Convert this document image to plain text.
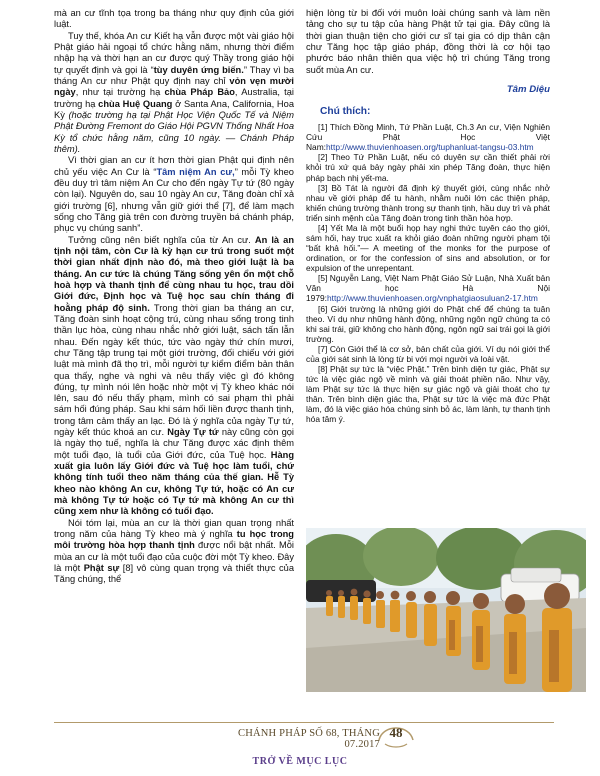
mà an cư tĩnh tọa trong ba tháng như quy định của giới luật.

Tuy thế, khóa An cư Kiết hạ vẫn được một vài giáo hội Phật giáo hải ngoại tổ chức hằng năm, nhưng thời điểm nhập hạ và thời hạn an cư được quý Thầy trong giáo hội tự quyết định và gọi là “tùy duyên ứng biến.” Thay vì ba tháng An cư như Phật quy định nay chỉ vỏn vẹn mười ngày, như tại trường hạ chùa Pháp Bảo, Australia, tại trường hạ chùa Huệ Quang ở Santa Ana, California, Hoa Kỳ (hoặc trường hạ tại Phật Học Viện Quốc Tế và Niệm Phật Đường Fremont do Giáo Hội PGVN Thống Nhất Hoa Kỳ tổ chức hằng năm, cũng 10 ngày. — Chánh Pháp thêm).

Vì thời gian an cư ít hơn thời gian Phật qui định nên chủ yếu việc An Cư là “Tâm niệm An cư,” mỗi Tỳ kheo đều duy trì tâm niệm An Cư cho đến ngày Tự tứ (80 ngày còn lại). Nguyên do, sau 10 ngày An cư, Tăng đoàn chỉ xả giới trường [6], nhưng vẫn giữ giới thể [7], để làm mạch sống cho Tăng già trên con đường truyền bá chánh pháp, phục vụ chúng sanh”.

Tưởng cũng nên biết nghĩa của từ An cư. An là an tịnh nội tâm, còn Cư là kỳ hạn cư trú trong suốt một thời gian nhất định nào đó, mà theo giới luật là ba tháng. An cư tức là chúng Tăng sống yên ổn một chỗ hoà hợp và thanh tịnh để cùng nhau tu học, trau dồi Giới đức, Định học và Tuệ học sau chín tháng đi hoằng pháp độ sinh. Trong thời gian ba tháng an cư, Tăng đoàn sinh hoạt cộng trú, cùng nhau sống trong tinh thần lục hòa, cùng nhau nhắc nhở giới luật, sách tấn lẫn nhau. Đến ngày kết thúc, tức vào ngày thứ chín mươi, chư Tăng tập trung tại một giới trường, đối chiếu với giới luật mà mình đã thọ trì, mỗi người tự kiểm điểm bản thân qua thấy, nghe và nghi và nêu thấy việc gì đó không đúng, tự mình nói lên hoặc nhờ một vị Tỳ kheo khác nói lên, sau đó nếu thấy phạm, mình có sai phạm thì phải sám hối đúng pháp. Sau khi sám hối liền được thanh tịnh, trong tâm cảm thấy an lạc. Đó là ý nghĩa của ngày Tự tứ, ngày kết thúc khoá an cư. Ngày Tự tứ này cũng còn gọi là ngày thọ tuế, nghĩa là chư Tăng được xác định thêm một tuổi đạo, là tuổi của Giới đức, của Tuệ học. Hàng xuất gia luôn lấy Giới đức và Tuệ học làm tuổi, chứ không tính tuổi theo năm tháng của thế gian. Hễ Tỳ kheo nào không An cư, không Tự tứ, hoặc có An cư mà không Tự tứ hoặc có Tự tứ mà không An cư thì cũng xem như là không có tuổi đạo.

Nói tóm lại, mùa an cư là thời gian quan trọng nhất trong năm của hàng Tỳ kheo mà ý nghĩa tu học trong môi trường hòa hợp thanh tịnh được nổi bật nhất. Mỗi mùa an cư là một tuổi đạo của cuộc đời một Tỳ kheo. Đây là một Phật sự [8] vô cùng quan trọng và thiết thực của Tăng chúng, thể

hiện lòng từ bi đối với muôn loài chúng sanh và làm nền tảng cho sự tu tập của hàng Phật tử tại gia. Đây cũng là thời gian thuận tiện cho giới cư sĩ tại gia có dịp thân cận chư Tăng học tập giáo pháp, đồng thời là cơ hội tạo phước báo nhân thiên qua việc hộ trì chúng Tăng trong suốt mùa An cư.

Tâm Diệu
Chú thích:

[1] Thích Đồng Minh, Tứ Phần Luật, Ch.3 An cư, Viện Nghiên Cứu Phật Học Việt Nam:http://www.thuvienhoasen.org/tuphanluat-tangsu-03.htm

[2] Theo Tứ Phần Luật, nếu có duyên sự cần thiết phải rời khỏi trú xứ quá bảy ngày phải xin phép Tăng đoàn, thực hiện pháp bạch nhị yết-ma.

[3] Bồ Tát là người đã định ký thuyết giới, cùng nhắc nhở nhau về giới pháp để tu hành, nhằm nuôi lớn các thiện pháp, khiến chúng trường thành trong sự thanh tịnh, hầu duy trì và phát triển sinh mệnh của Tăng đoàn trong tinh thần hòa hợp.

[4] Yết Ma là một buổi họp hay nghi thức tuyên cáo thọ giới, sám hối, hay trục xuất ra khỏi giáo đoàn những người phạm tội “bất khả hối.”— A meeting of the monks for the purpose of ordination, or for the confession of sins and absolution, or for expulsion of the unrepentant.

[5] Nguyễn Lang, Việt Nam Phật Giáo Sử Luận, Nhà Xuất bản Văn học Hà Nội 1979:http://www.thuvienhoasen.org/vnphatgiaosuluan2-17.htm

[6] Giới trường là những giới do Phật chế để chúng ta tuân theo. Ví dụ như những hành động, những ngôn ngữ chúng ta có khi sai trái, giữ không cho hành động, ngôn ngữ sai trái gọi là giới trường.

[7] Còn Giới thể là cơ sở, bản chất của giới. Ví dụ nói giới thể của giới sát sinh là lòng từ bi với mọi người và loài vật.

[8] Phật sự tức là “việc Phật.” Trên bình diện tự giác, Phật sự tức là việc giác ngộ về mình và giải thoát phiền não. Như vậy, làm Phật sự tức là thực hiện sự giác ngộ và giải thoát cho tự thân. Trên bình diện giác tha, Phật sự tức là việc mà đức Phật làm, đó là việc giáo hóa chúng sinh bỏ ác, làm lành, tự thanh tịnh hóa tâm ý.

CHÁNH PHÁP SỐ 68, THÁNG 07.2017
48
TRỞ VỀ MỤC LỤC
